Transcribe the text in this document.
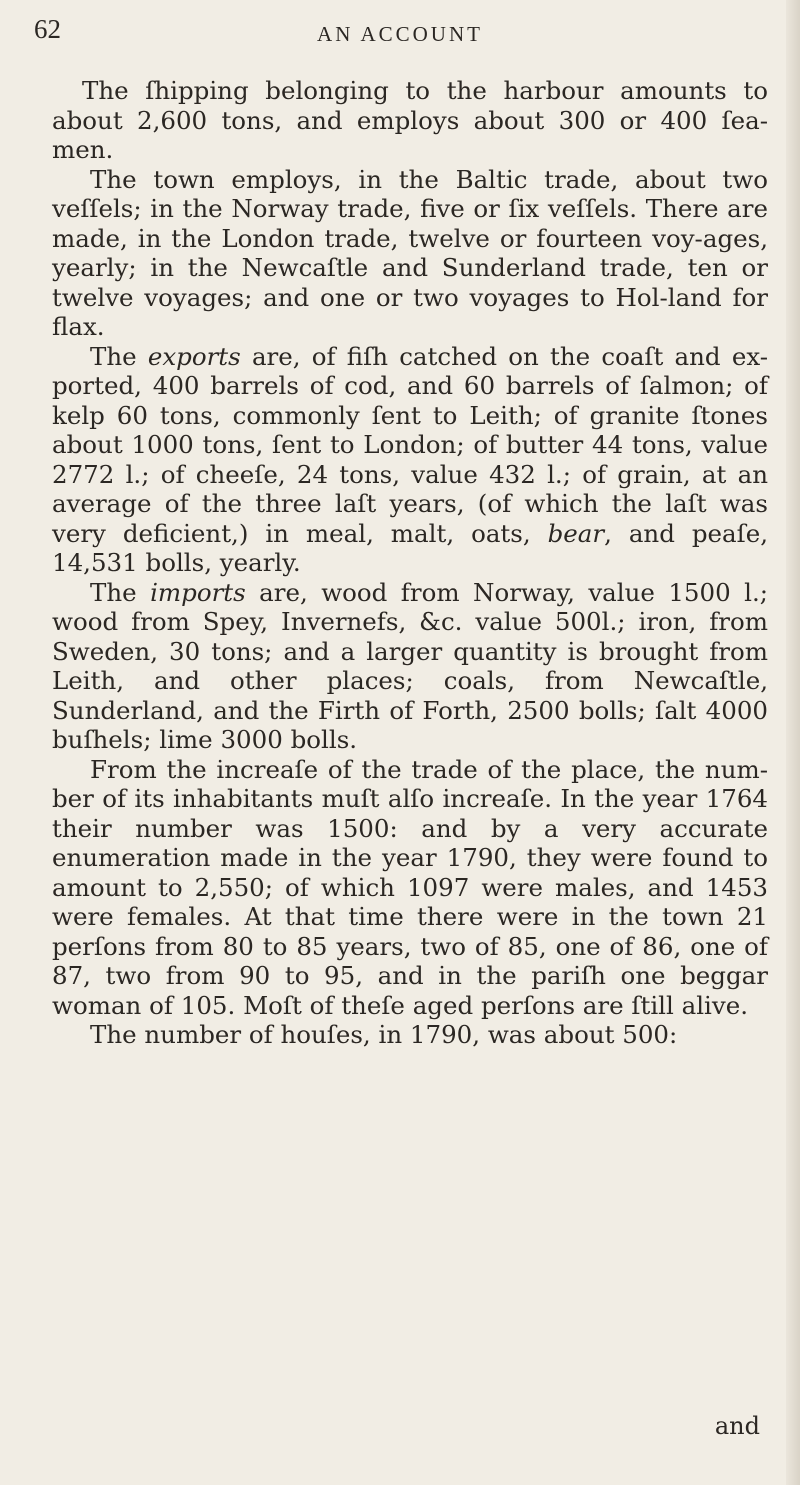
62	AN ACCOUNT

The ſhipping belonging to the harbour amounts to about 2,600 tons, and employs about 300 or 400 ſea-men.

The town employs, in the Baltic trade, about two veſſels; in the Norway trade, five or ſix veſſels. There are made, in the London trade, twelve or fourteen voy-ages, yearly; in the Newcaſtle and Sunderland trade, ten or twelve voyages; and one or two voyages to Hol-land for flax.

The exports are, of fiſh catched on the coaſt and ex-ported, 400 barrels of cod, and 60 barrels of ſalmon; of kelp 60 tons, commonly ſent to Leith; of granite ſtones about 1000 tons, ſent to London; of butter 44 tons, value 2772 l.; of cheeſe, 24 tons, value 432 l.; of grain, at an average of the three laſt years, (of which the laſt was very deficient,) in meal, malt, oats, bear, and peaſe, 14,531 bolls, yearly.

The imports are, wood from Norway, value 1500 l.; wood from Spey, Invernefs, &c. value 500l.; iron, from Sweden, 30 tons; and a larger quantity is brought from Leith, and other places; coals, from Newcaſtle, Sunderland, and the Firth of Forth, 2500 bolls; ſalt 4000 buſhels; lime 3000 bolls.

From the increaſe of the trade of the place, the num-ber of its inhabitants muſt alſo increaſe. In the year 1764 their number was 1500: and by a very accurate enumeration made in the year 1790, they were found to amount to 2,550; of which 1097 were males, and 1453 were females. At that time there were in the town 21 perſons from 80 to 85 years, two of 85, one of 86, one of 87, two from 90 to 95, and in the pariſh one beggar woman of 105. Moſt of theſe aged perſons are ſtill alive.

The number of houſes, in 1790, was about 500:

and
